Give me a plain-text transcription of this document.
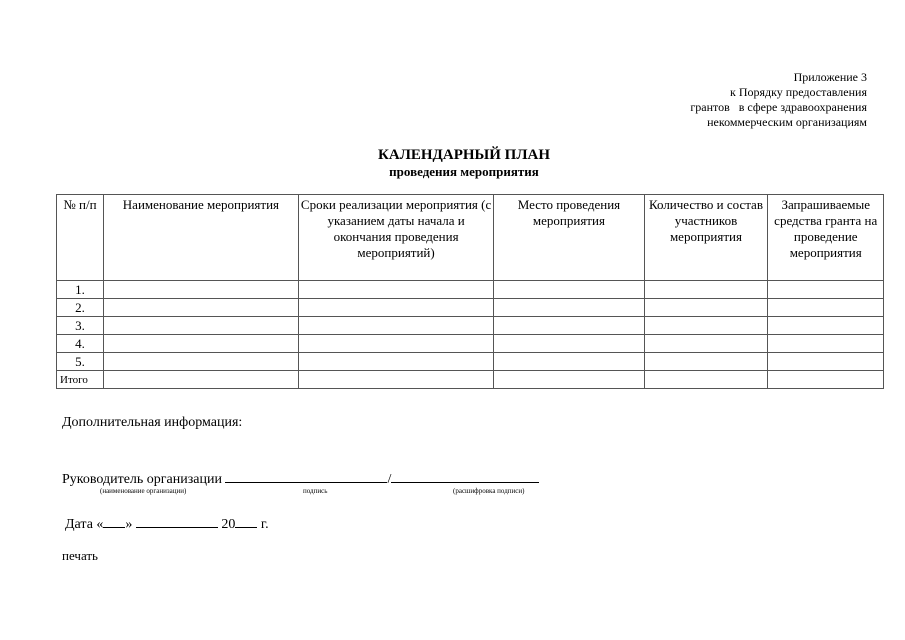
Приложение 3
к Порядку предоставления
грантов   в сфере здравоохранения
некоммерческим организациям
КАЛЕНДАРНЫЙ ПЛАН
проведения мероприятия
№ п/п	Наименование мероприятия	Сроки реализации мероприятия (с указанием даты начала и окончания проведения мероприятий)	Место проведения мероприятия	Количество и состав участников мероприятия	Запрашиваемые средства гранта на проведение мероприятия
1.					
2.					
3.					
4.					
5.					
Итого					
Дополнительная информация:
Руководитель организации	/
(наименование организации)	подпись	(расшифровка подписи)
Дата « »	20 г.
печать
